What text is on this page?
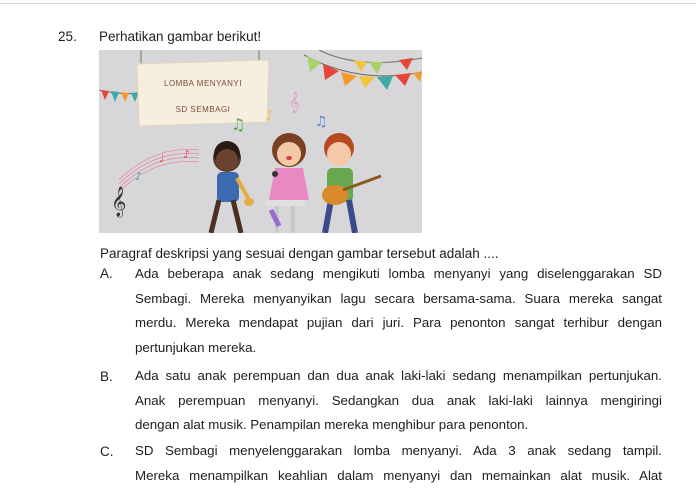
25. Perhatikan gambar berikut!
LOMBA MENYANYI
SD SEMBAGI
♫
𝄞
♪	♫
𝄞
♪
♩ ♪
Paragraf deskripsi yang sesuai dengan gambar tersebut adalah ....
A. Ada beberapa anak sedang mengikuti lomba menyanyi yang diselenggarakan SD
Sembagi. Mereka menyanyikan lagu secara bersama-sama. Suara mereka sangat
merdu. Mereka mendapat pujian dari juri. Para penonton sangat terhibur dengan
pertunjukan mereka.
B. Ada satu anak perempuan dan dua anak laki-laki sedang menampilkan pertunjukan.
Anak perempuan menyanyi. Sedangkan dua anak laki-laki lainnya mengiringi
dengan alat musik. Penampilan mereka menghibur para penonton.
C. SD Sembagi menyelenggarakan lomba menyanyi. Ada 3 anak sedang tampil.
Mereka menampilkan keahlian dalam menyanyi dan memainkan alat musik. Alat
